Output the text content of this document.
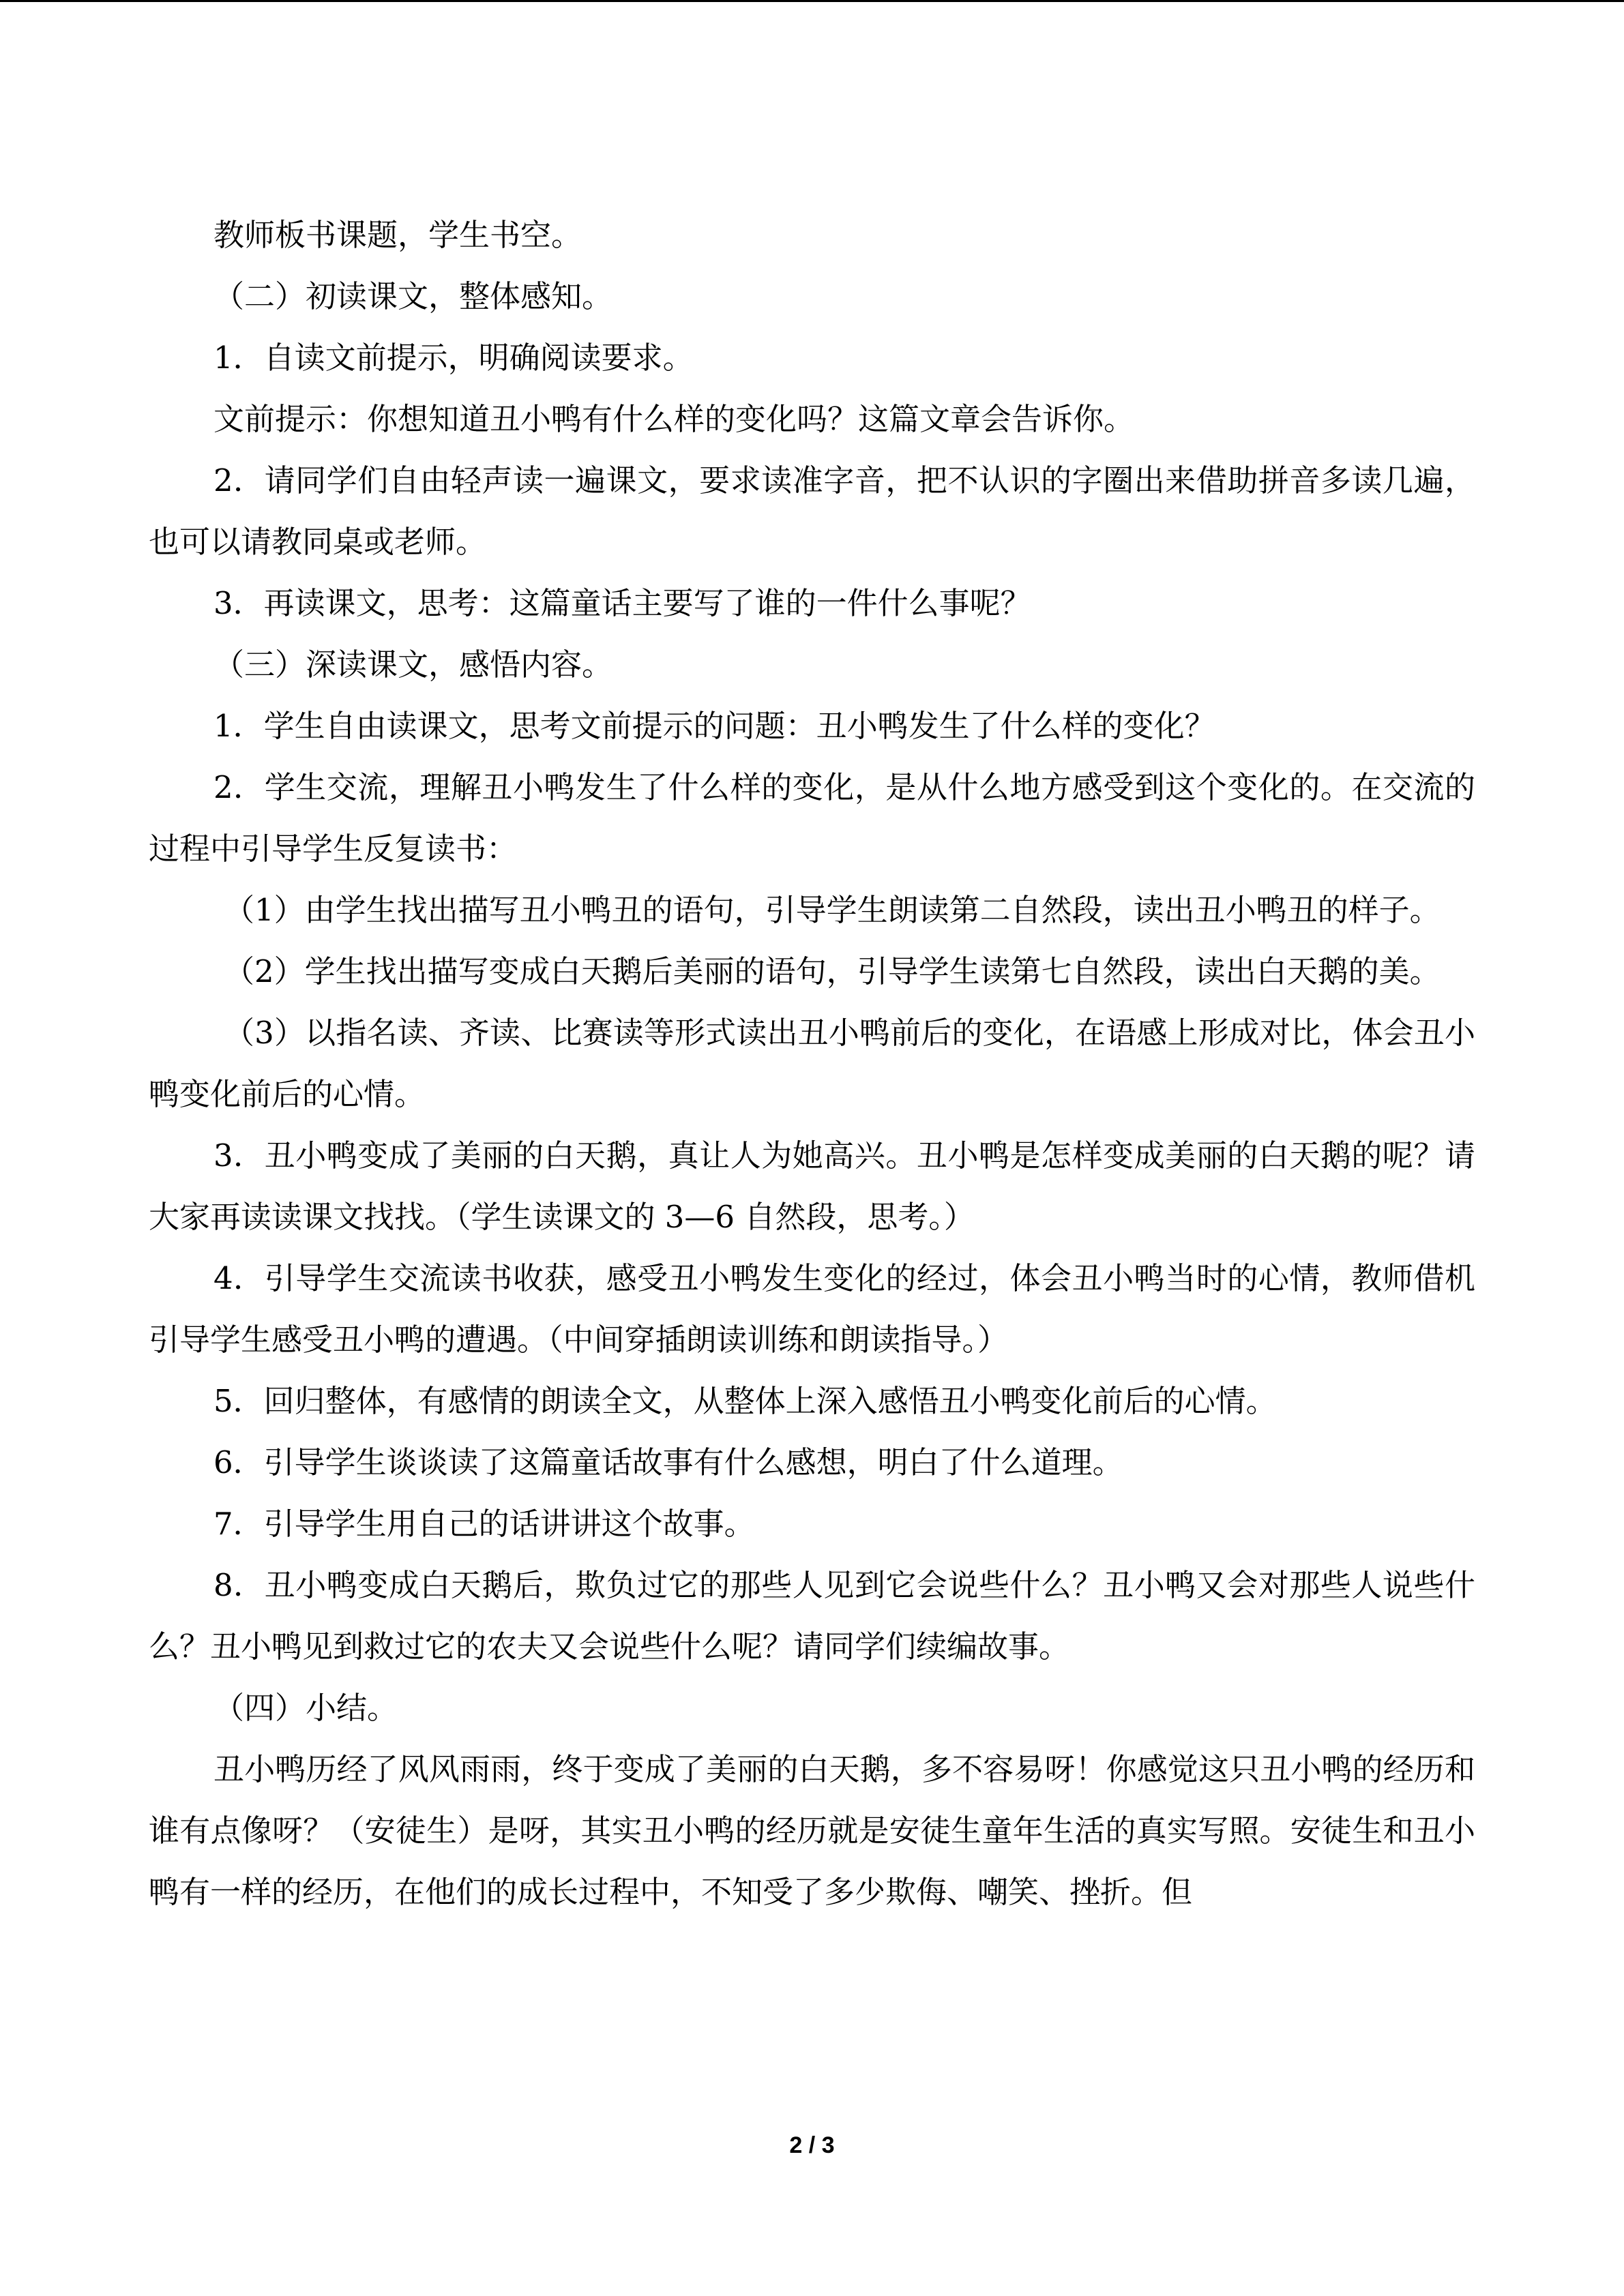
教师板书课题，学生书空。

（二）初读课文，整体感知。

1．自读文前提示，明确阅读要求。

文前提示：你想知道丑小鸭有什么样的变化吗？这篇文章会告诉你。

2．请同学们自由轻声读一遍课文，要求读准字音，把不认识的字圈出来借助拼音多读几遍，也可以请教同桌或老师。

3．再读课文，思考：这篇童话主要写了谁的一件什么事呢？

（三）深读课文，感悟内容。

1．学生自由读课文，思考文前提示的问题：丑小鸭发生了什么样的变化？

2．学生交流，理解丑小鸭发生了什么样的变化，是从什么地方感受到这个变化的。在交流的过程中引导学生反复读书：

（1）由学生找出描写丑小鸭丑的语句，引导学生朗读第二自然段，读出丑小鸭丑的样子。

（2）学生找出描写变成白天鹅后美丽的语句，引导学生读第七自然段，读出白天鹅的美。

（3）以指名读、齐读、比赛读等形式读出丑小鸭前后的变化，在语感上形成对比，体会丑小鸭变化前后的心情。

3．丑小鸭变成了美丽的白天鹅，真让人为她高兴。丑小鸭是怎样变成美丽的白天鹅的呢？请大家再读读课文找找。（学生读课文的 3—6 自然段，思考。）

4．引导学生交流读书收获，感受丑小鸭发生变化的经过，体会丑小鸭当时的心情，教师借机引导学生感受丑小鸭的遭遇。（中间穿插朗读训练和朗读指导。）

5．回归整体，有感情的朗读全文，从整体上深入感悟丑小鸭变化前后的心情。

6．引导学生谈谈读了这篇童话故事有什么感想，明白了什么道理。

7．引导学生用自己的话讲讲这个故事。

8．丑小鸭变成白天鹅后，欺负过它的那些人见到它会说些什么？丑小鸭又会对那些人说些什么？丑小鸭见到救过它的农夫又会说些什么呢？请同学们续编故事。

（四）小结。

丑小鸭历经了风风雨雨，终于变成了美丽的白天鹅，多不容易呀！你感觉这只丑小鸭的经历和谁有点像呀？（安徒生）是呀，其实丑小鸭的经历就是安徒生童年生活的真实写照。安徒生和丑小鸭有一样的经历，在他们的成长过程中，不知受了多少欺侮、嘲笑、挫折。但

2 / 3
